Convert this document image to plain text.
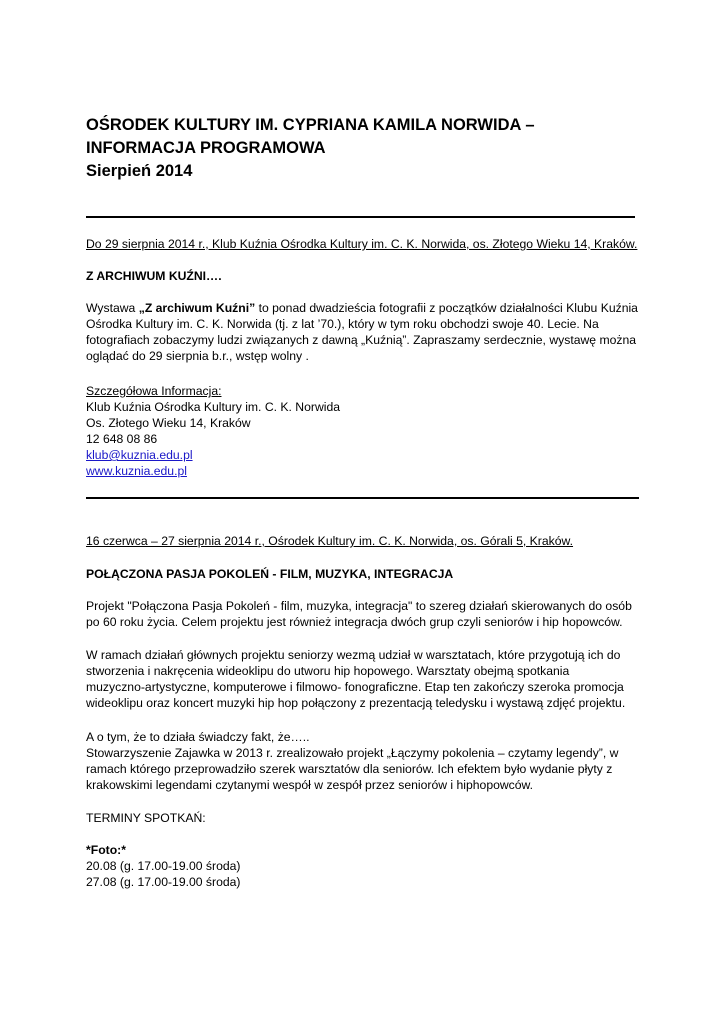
OŚRODEK KULTURY IM. CYPRIANA KAMILA NORWIDA –
INFORMACJA PROGRAMOWA
Sierpień 2014
Do 29 sierpnia 2014 r., Klub Kuźnia Ośrodka Kultury im. C. K. Norwida, os. Złotego Wieku 14, Kraków.
Z ARCHIWUM KUŹNI….
Wystawa „Z archiwum Kuźni” to ponad dwadzieścia fotografii z początków działalności Klubu Kuźnia
Ośrodka Kultury im. C. K. Norwida (tj. z lat ’70.), który w tym roku obchodzi swoje 40. Lecie. Na
fotografiach zobaczymy ludzi związanych z dawną „Kuźnią”. Zapraszamy serdecznie, wystawę można
oglądać do 29 sierpnia b.r., wstęp wolny .
Szczegółowa Informacja:
Klub Kuźnia Ośrodka Kultury im. C. K. Norwida
Os. Złotego Wieku 14, Kraków
12 648 08 86
klub@kuznia.edu.pl
www.kuznia.edu.pl
16 czerwca – 27 sierpnia 2014 r., Ośrodek Kultury im. C. K. Norwida, os. Górali 5, Kraków.
POŁĄCZONA PASJA POKOLEŃ - FILM, MUZYKA, INTEGRACJA
Projekt "Połączona Pasja Pokoleń - film, muzyka, integracja" to szereg działań skierowanych do osób
po 60 roku życia. Celem projektu jest również integracja dwóch grup czyli seniorów i hip hopowców.
W ramach działań głównych projektu seniorzy wezmą udział w warsztatach, które przygotują ich do
stworzenia i nakręcenia wideoklipu do utworu hip hopowego. Warsztaty obejmą spotkania
muzyczno-artystyczne, komputerowe i filmowo- fonograficzne. Etap ten zakończy szeroka promocja
wideoklipu oraz koncert muzyki hip hop połączony z prezentacją teledysku i wystawą zdjęć projektu.
A o tym, że to działa świadczy fakt, że…..
Stowarzyszenie Zajawka w 2013 r. zrealizowało projekt „Łączymy pokolenia – czytamy legendy”, w
ramach którego przeprowadziło szerek warsztatów dla seniorów. Ich efektem było wydanie płyty z
krakowskimi legendami czytanymi wespół w zespół przez seniorów i hiphopowców.
TERMINY SPOTKAŃ:
*Foto:*
20.08 (g. 17.00-19.00 środa)
27.08 (g. 17.00-19.00 środa)
